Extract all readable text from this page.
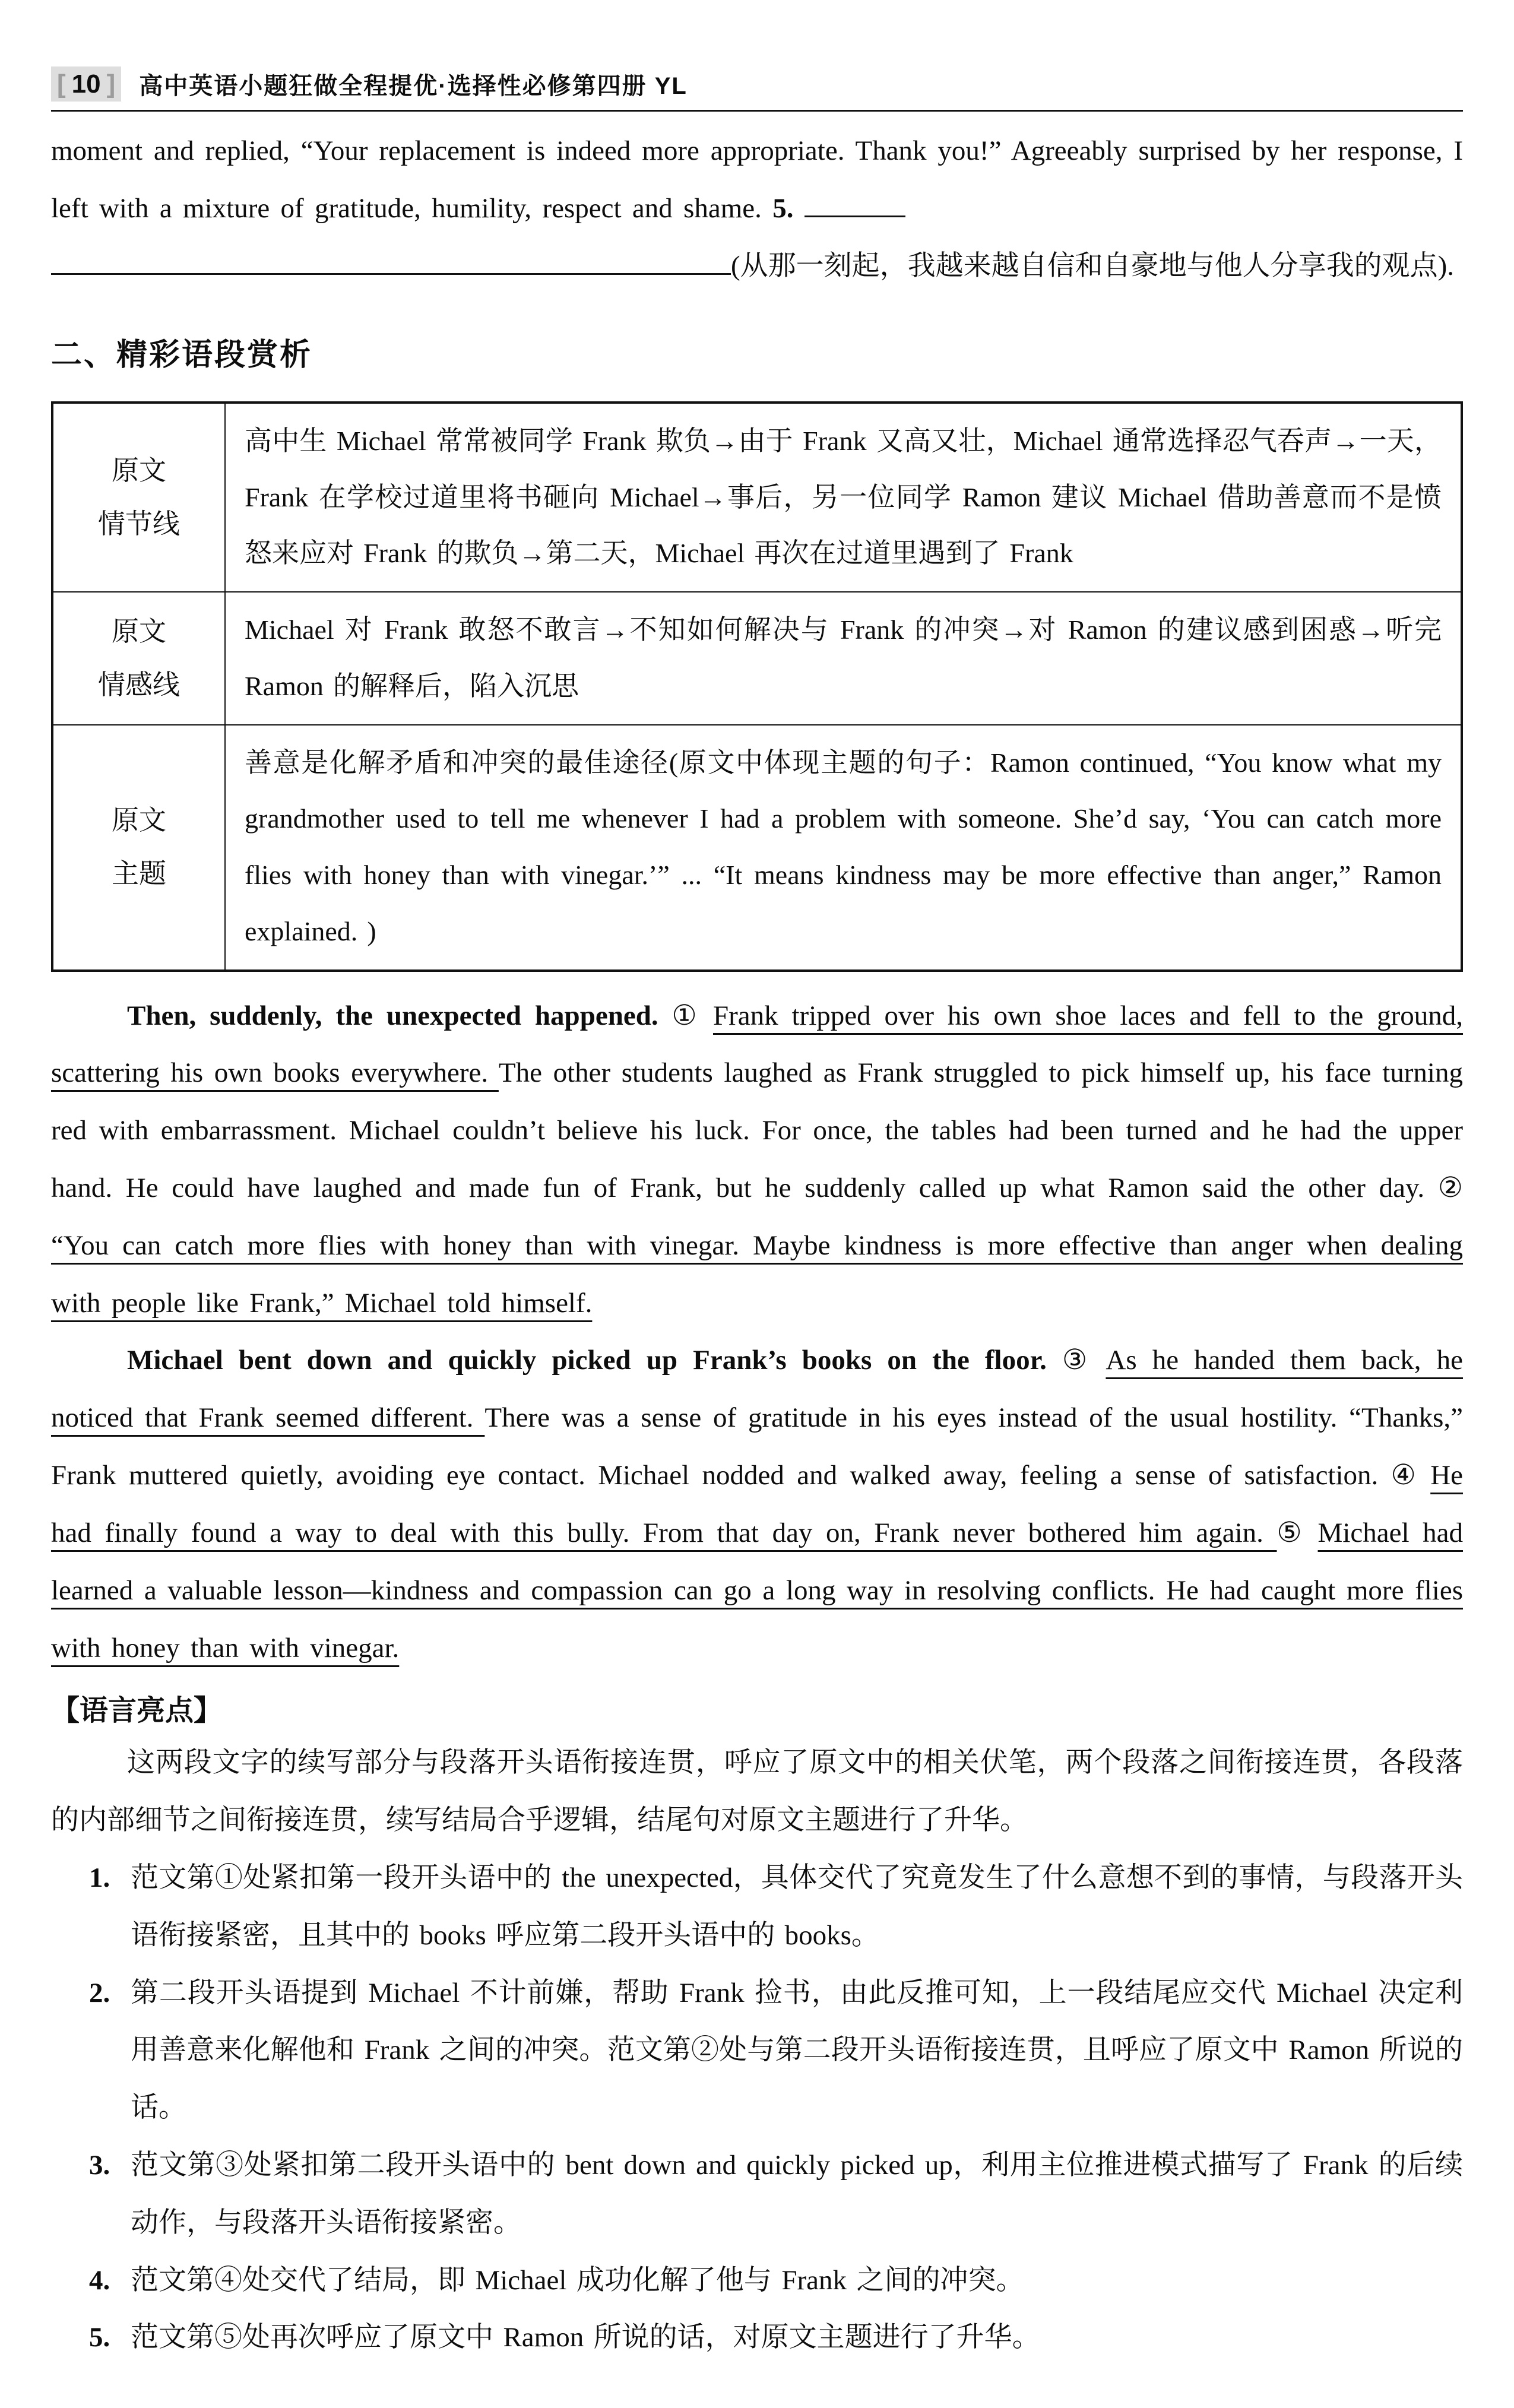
[ 10 ] 高中英语小题狂做全程提优·选择性必修第四册 YL
moment and replied, “Your replacement is indeed more appropriate. Thank you!” Agreeably surprised by her response, I left with a mixture of gratitude, humility, respect and shame. 5.
(从那一刻起，我越来越自信和自豪地与他人分享我的观点).
二、精彩语段赏析
原文
情节线	高中生 Michael 常常被同学 Frank 欺负→由于 Frank 又高又壮，Michael 通常选择忍气吞声→一天，Frank 在学校过道里将书砸向 Michael→事后，另一位同学 Ramon 建议 Michael 借助善意而不是愤怒来应对 Frank 的欺负→第二天，Michael 再次在过道里遇到了 Frank

原文
情感线	Michael 对 Frank 敢怒不敢言→不知如何解决与 Frank 的冲突→对 Ramon 的建议感到困惑→听完 Ramon 的解释后，陷入沉思

原文
主题	善意是化解矛盾和冲突的最佳途径(原文中体现主题的句子：Ramon continued, “You know what my grandmother used to tell me whenever I had a problem with someone. She’d say, ‘You can catch more flies with honey than with vinegar.’” ... “It means kindness may be more effective than anger,” Ramon explained. )
Then, suddenly, the unexpected happened. ① Frank tripped over his own shoe laces and fell to the ground, scattering his own books everywhere. The other students laughed as Frank struggled to pick himself up, his face turning red with embarrassment. Michael couldn’t believe his luck. For once, the tables had been turned and he had the upper hand. He could have laughed and made fun of Frank, but he suddenly called up what Ramon said the other day. ② “You can catch more flies with honey than with vinegar. Maybe kindness is more effective than anger when dealing with people like Frank,” Michael told himself.
Michael bent down and quickly picked up Frank’s books on the floor. ③ As he handed them back, he noticed that Frank seemed different. There was a sense of gratitude in his eyes instead of the usual hostility. “Thanks,” Frank muttered quietly, avoiding eye contact. Michael nodded and walked away, feeling a sense of satisfaction. ④ He had finally found a way to deal with this bully. From that day on, Frank never bothered him again. ⑤ Michael had learned a valuable lesson—kindness and compassion can go a long way in resolving conflicts. He had caught more flies with honey than with vinegar.
【语言亮点】
这两段文字的续写部分与段落开头语衔接连贯，呼应了原文中的相关伏笔，两个段落之间衔接连贯，各段落的内部细节之间衔接连贯，续写结局合乎逻辑，结尾句对原文主题进行了升华。
1. 范文第①处紧扣第一段开头语中的 the unexpected，具体交代了究竟发生了什么意想不到的事情，与段落开头语衔接紧密，且其中的 books 呼应第二段开头语中的 books。
2. 第二段开头语提到 Michael 不计前嫌，帮助 Frank 捡书，由此反推可知，上一段结尾应交代 Michael 决定利用善意来化解他和 Frank 之间的冲突。范文第②处与第二段开头语衔接连贯，且呼应了原文中 Ramon 所说的话。
3. 范文第③处紧扣第二段开头语中的 bent down and quickly picked up，利用主位推进模式描写了 Frank 的后续动作，与段落开头语衔接紧密。
4. 范文第④处交代了结局，即 Michael 成功化解了他与 Frank 之间的冲突。
5. 范文第⑤处再次呼应了原文中 Ramon 所说的话，对原文主题进行了升华。
